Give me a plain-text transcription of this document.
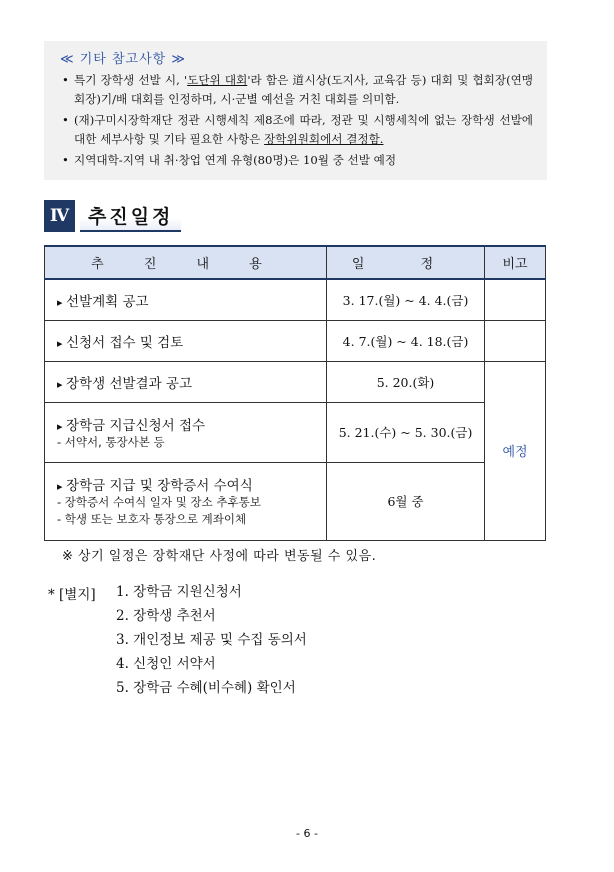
≪ 기타 참고사항 ≫
• 특기 장학생 선발 시, '도단위 대회'라 함은 道시상(도지사, 교육감 등) 대회 및 협회장(연맹회장)기/배 대회를 인정하며, 시·군별 예선을 거친 대회를 의미함.
• (재)구미시장학재단 정관 시행세칙 제8조에 따라, 정관 및 시행세칙에 없는 장학생 선발에 대한 세부사항 및 기타 필요한 사항은 장학위원회에서 결정함.
• 지역대학-지역 내 취·창업 연계 유형(80명)은 10월 중 선발 예정
Ⅳ 추진일정
추 진 내 용	일 정	비고

▸ 선발계획 공고	3. 17.(월) ~ 4. 4.(금)	

▸ 신청서 접수 및 검토	4. 7.(월) ~ 4. 18.(금)	

▸ 장학생 선발결과 공고	5. 20.(화)	예정

▸ 장학금 지급신청서 접수
- 서약서, 통장사본 등	5. 21.(수) ~ 5. 30.(금)	

▸ 장학금 지급 및 장학증서 수여식
- 장학증서 수여식 일자 및 장소 추후통보
- 학생 또는 보호자 통장으로 계좌이체	6월 중	
※ 상기 일정은 장학재단 사정에 따라 변동될 수 있음.
* [별지] 1. 장학금 지원신청서
2. 장학생 추천서
3. 개인정보 제공 및 수집 동의서
4. 신청인 서약서
5. 장학금 수혜(비수혜) 확인서
- 6 -
